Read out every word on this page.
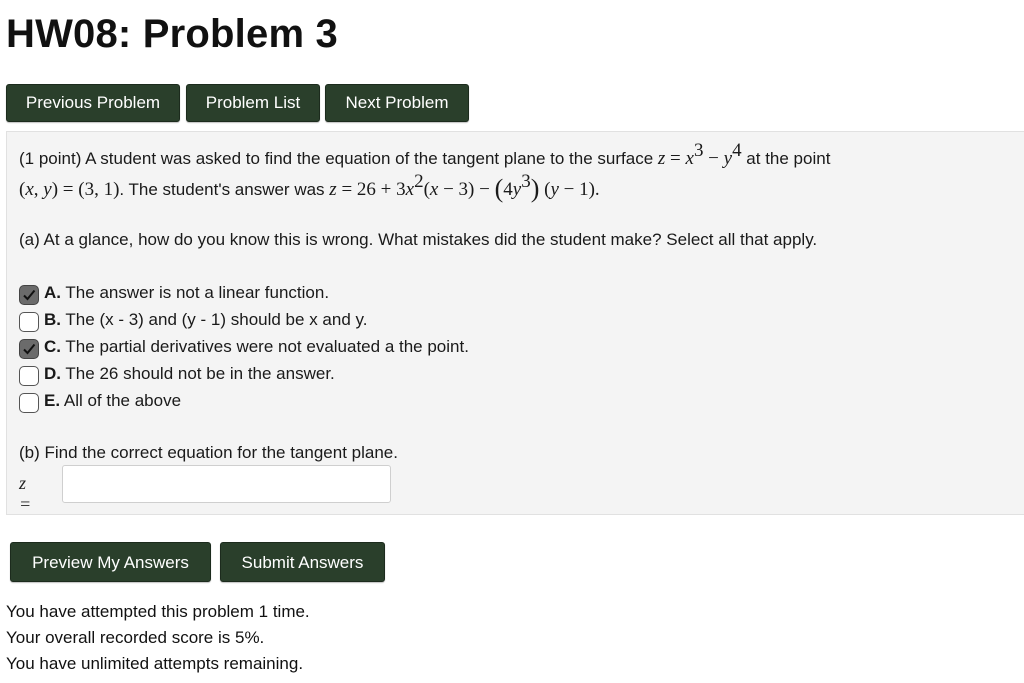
HW08: Problem 3
Previous Problem	Problem List	Next Problem
(1 point) A student was asked to find the equation of the tangent plane to the surface $z = x^3 - y^4$ at the point
(x, y) = (3, 1). The student's answer was $z = 26 + 3x^2(x - 3) - (4y^3) (y - 1)$.
(a) At a glance, how do you know this is wrong. What mistakes did the student make? Select all that apply.
A. The answer is not a linear function.
B. The (x - 3) and (y - 1) should be x and y.
C. The partial derivatives were not evaluated a the point.
D. The 26 should not be in the answer.
E. All of the above
(b) Find the correct equation for the tangent plane.
z =
Preview My Answers	Submit Answers
You have attempted this problem 1 time.
Your overall recorded score is 5%.
You have unlimited attempts remaining.
